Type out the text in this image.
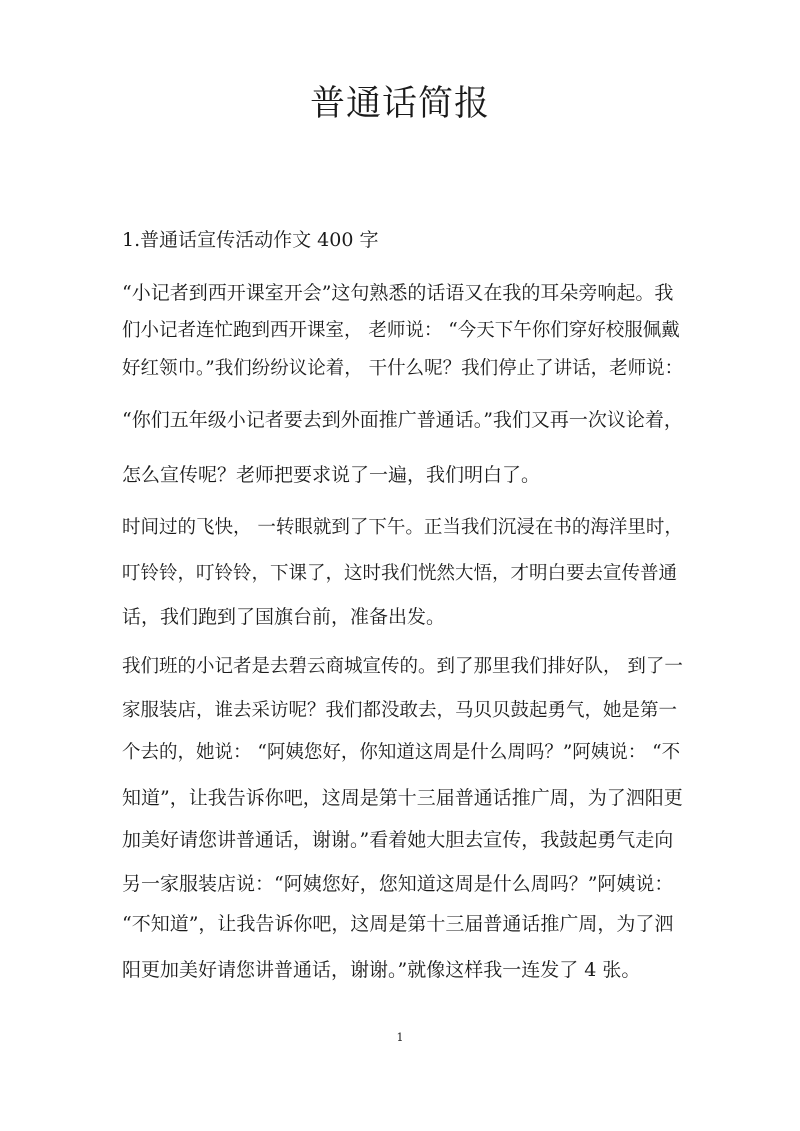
普通话简报
1.普通话宣传活动作文 400 字

“小记者到西开课室开会”这句熟悉的话语又在我的耳朵旁响起。我

们小记者连忙跑到西开课室， 老师说： “今天下午你们穿好校服佩戴

好红领巾。”我们纷纷议论着， 干什么呢？我们停止了讲话，老师说：

“你们五年级小记者要去到外面推广普通话。”我们又再一次议论着，

怎么宣传呢？老师把要求说了一遍，我们明白了。

时间过的飞快， 一转眼就到了下午。正当我们沉浸在书的海洋里时，

叮铃铃，叮铃铃，下课了，这时我们恍然大悟，才明白要去宣传普通

话，我们跑到了国旗台前，准备出发。

我们班的小记者是去碧云商城宣传的。到了那里我们排好队， 到了一

家服装店，谁去采访呢？我们都没敢去，马贝贝鼓起勇气，她是第一

个去的，她说： “阿姨您好，你知道这周是什么周吗？”阿姨说： “不

知道”，让我告诉你吧，这周是第十三届普通话推广周，为了泗阳更

加美好请您讲普通话，谢谢。”看着她大胆去宣传，我鼓起勇气走向

另一家服装店说：“阿姨您好，您知道这周是什么周吗？”阿姨说：

“不知道”，让我告诉你吧，这周是第十三届普通话推广周，为了泗

阳更加美好请您讲普通话，谢谢。”就像这样我一连发了 4 张。

1
